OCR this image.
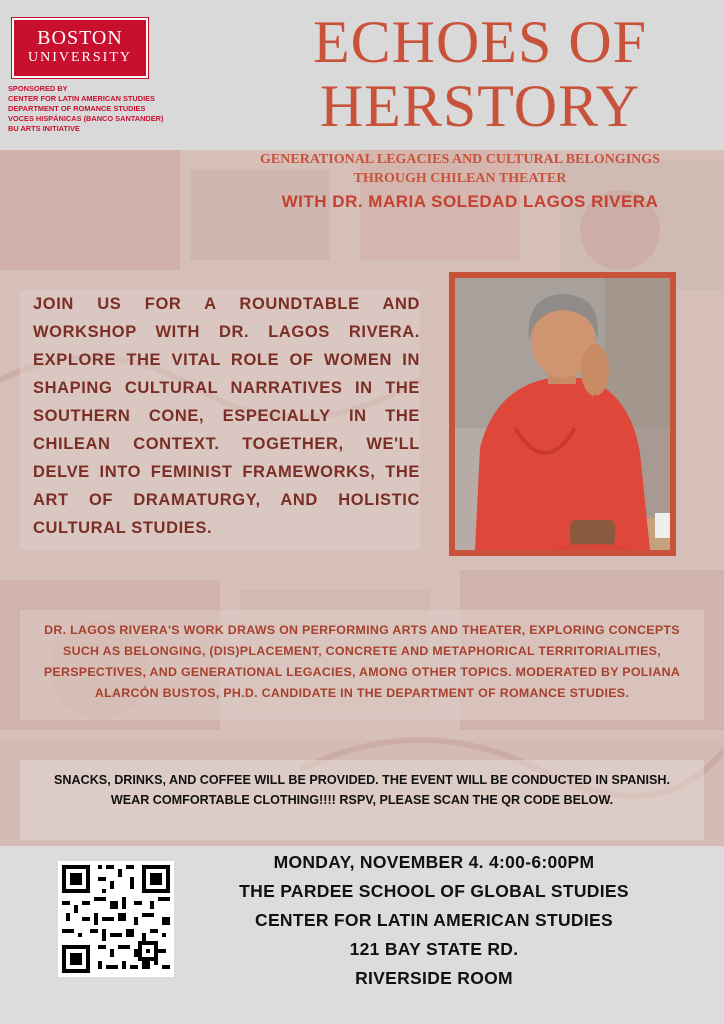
BOSTON
UNIVERSITY
SPONSORED BY
CENTER FOR LATIN AMERICAN STUDIES
DEPARTMENT OF ROMANCE STUDIES
VOCES HISPÁNICAS (BANCO SANTANDER)
BU ARTS INITIATIVE
ECHOES OF
HERSTORY
GENERATIONAL LEGACIES AND CULTURAL BELONGINGS
THROUGH CHILEAN THEATER
WITH DR. MARIA SOLEDAD LAGOS RIVERA
JOIN US FOR A ROUNDTABLE AND WORKSHOP WITH DR. LAGOS RIVERA. EXPLORE THE VITAL ROLE OF WOMEN IN SHAPING CULTURAL NARRATIVES IN THE SOUTHERN CONE, ESPECIALLY IN THE CHILEAN CONTEXT. TOGETHER, WE'LL DELVE INTO FEMINIST FRAMEWORKS, THE ART OF DRAMATURGY, AND HOLISTIC CULTURAL STUDIES.
DR. LAGOS RIVERA'S WORK DRAWS ON PERFORMING ARTS AND THEATER, EXPLORING CONCEPTS SUCH AS BELONGING, (DIS)PLACEMENT, CONCRETE AND METAPHORICAL TERRITORIALITIES, PERSPECTIVES, AND GENERATIONAL LEGACIES, AMONG OTHER TOPICS. MODERATED BY POLIANA ALARCÓN BUSTOS, PH.D. CANDIDATE IN THE DEPARTMENT OF ROMANCE STUDIES.
SNACKS, DRINKS, AND COFFEE WILL BE PROVIDED. THE EVENT WILL BE CONDUCTED IN SPANISH.
WEAR COMFORTABLE CLOTHING!!!! RSPV, PLEASE SCAN THE QR CODE BELOW.
MONDAY, NOVEMBER 4. 4:00-6:00PM
THE PARDEE SCHOOL OF GLOBAL STUDIES
CENTER FOR LATIN AMERICAN STUDIES
121 BAY STATE RD.
RIVERSIDE ROOM
